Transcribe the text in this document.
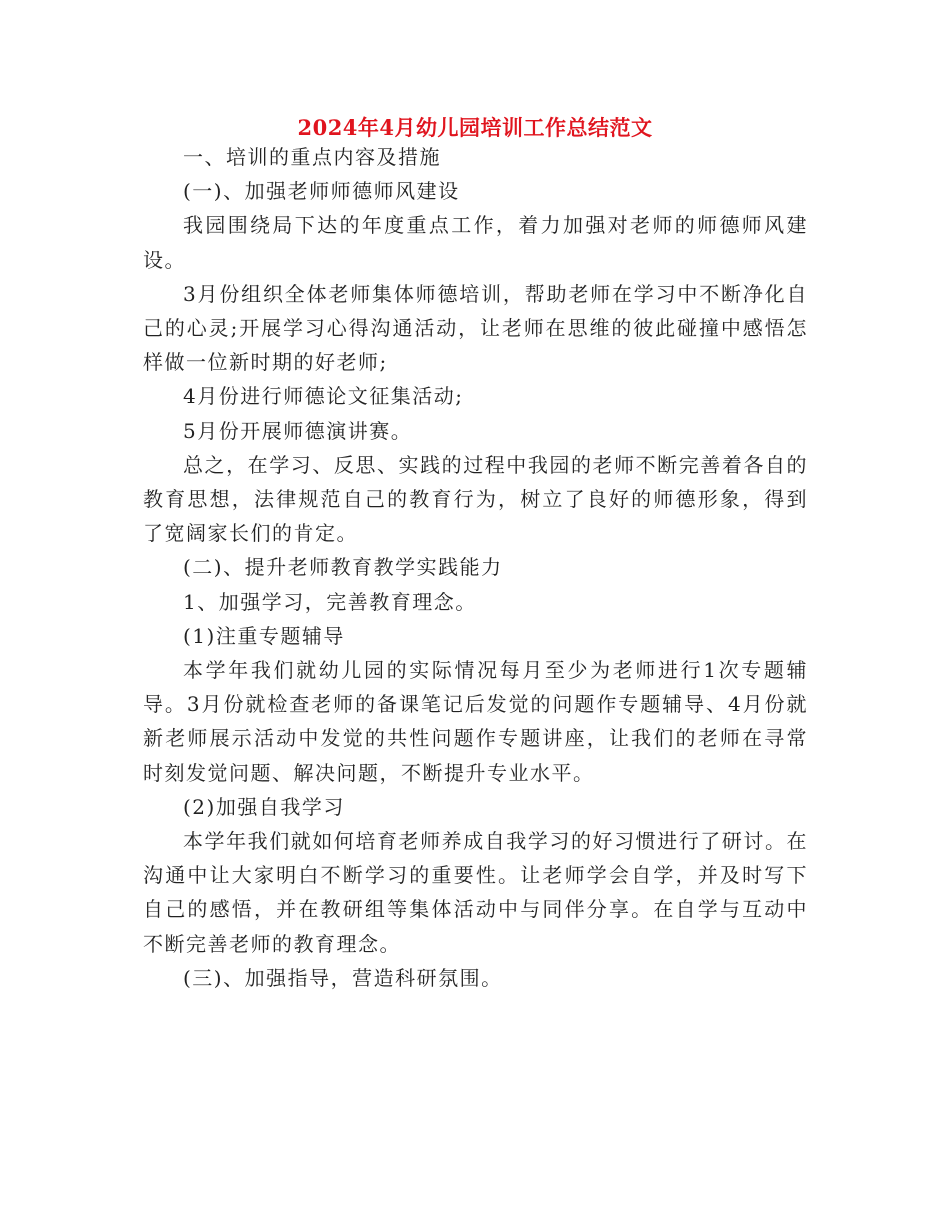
2024年4月幼儿园培训工作总结范文

一、培训的重点内容及措施

(一)、加强老师师德师风建设

我园围绕局下达的年度重点工作，着力加强对老师的师德师风建设。

3月份组织全体老师集体师德培训，帮助老师在学习中不断净化自己的心灵;开展学习心得沟通活动，让老师在思维的彼此碰撞中感悟怎样做一位新时期的好老师;

4月份进行师德论文征集活动;

5月份开展师德演讲赛。

总之，在学习、反思、实践的过程中我园的老师不断完善着各自的教育思想，法律规范自己的教育行为，树立了良好的师德形象，得到了宽阔家长们的肯定。

(二)、提升老师教育教学实践能力

1、加强学习，完善教育理念。

(1)注重专题辅导

本学年我们就幼儿园的实际情况每月至少为老师进行1次专题辅导。3月份就检查老师的备课笔记后发觉的问题作专题辅导、4月份就新老师展示活动中发觉的共性问题作专题讲座，让我们的老师在寻常时刻发觉问题、解决问题，不断提升专业水平。

(2)加强自我学习

本学年我们就如何培育老师养成自我学习的好习惯进行了研讨。在沟通中让大家明白不断学习的重要性。让老师学会自学，并及时写下自己的感悟，并在教研组等集体活动中与同伴分享。在自学与互动中不断完善老师的教育理念。

(三)、加强指导，营造科研氛围。
